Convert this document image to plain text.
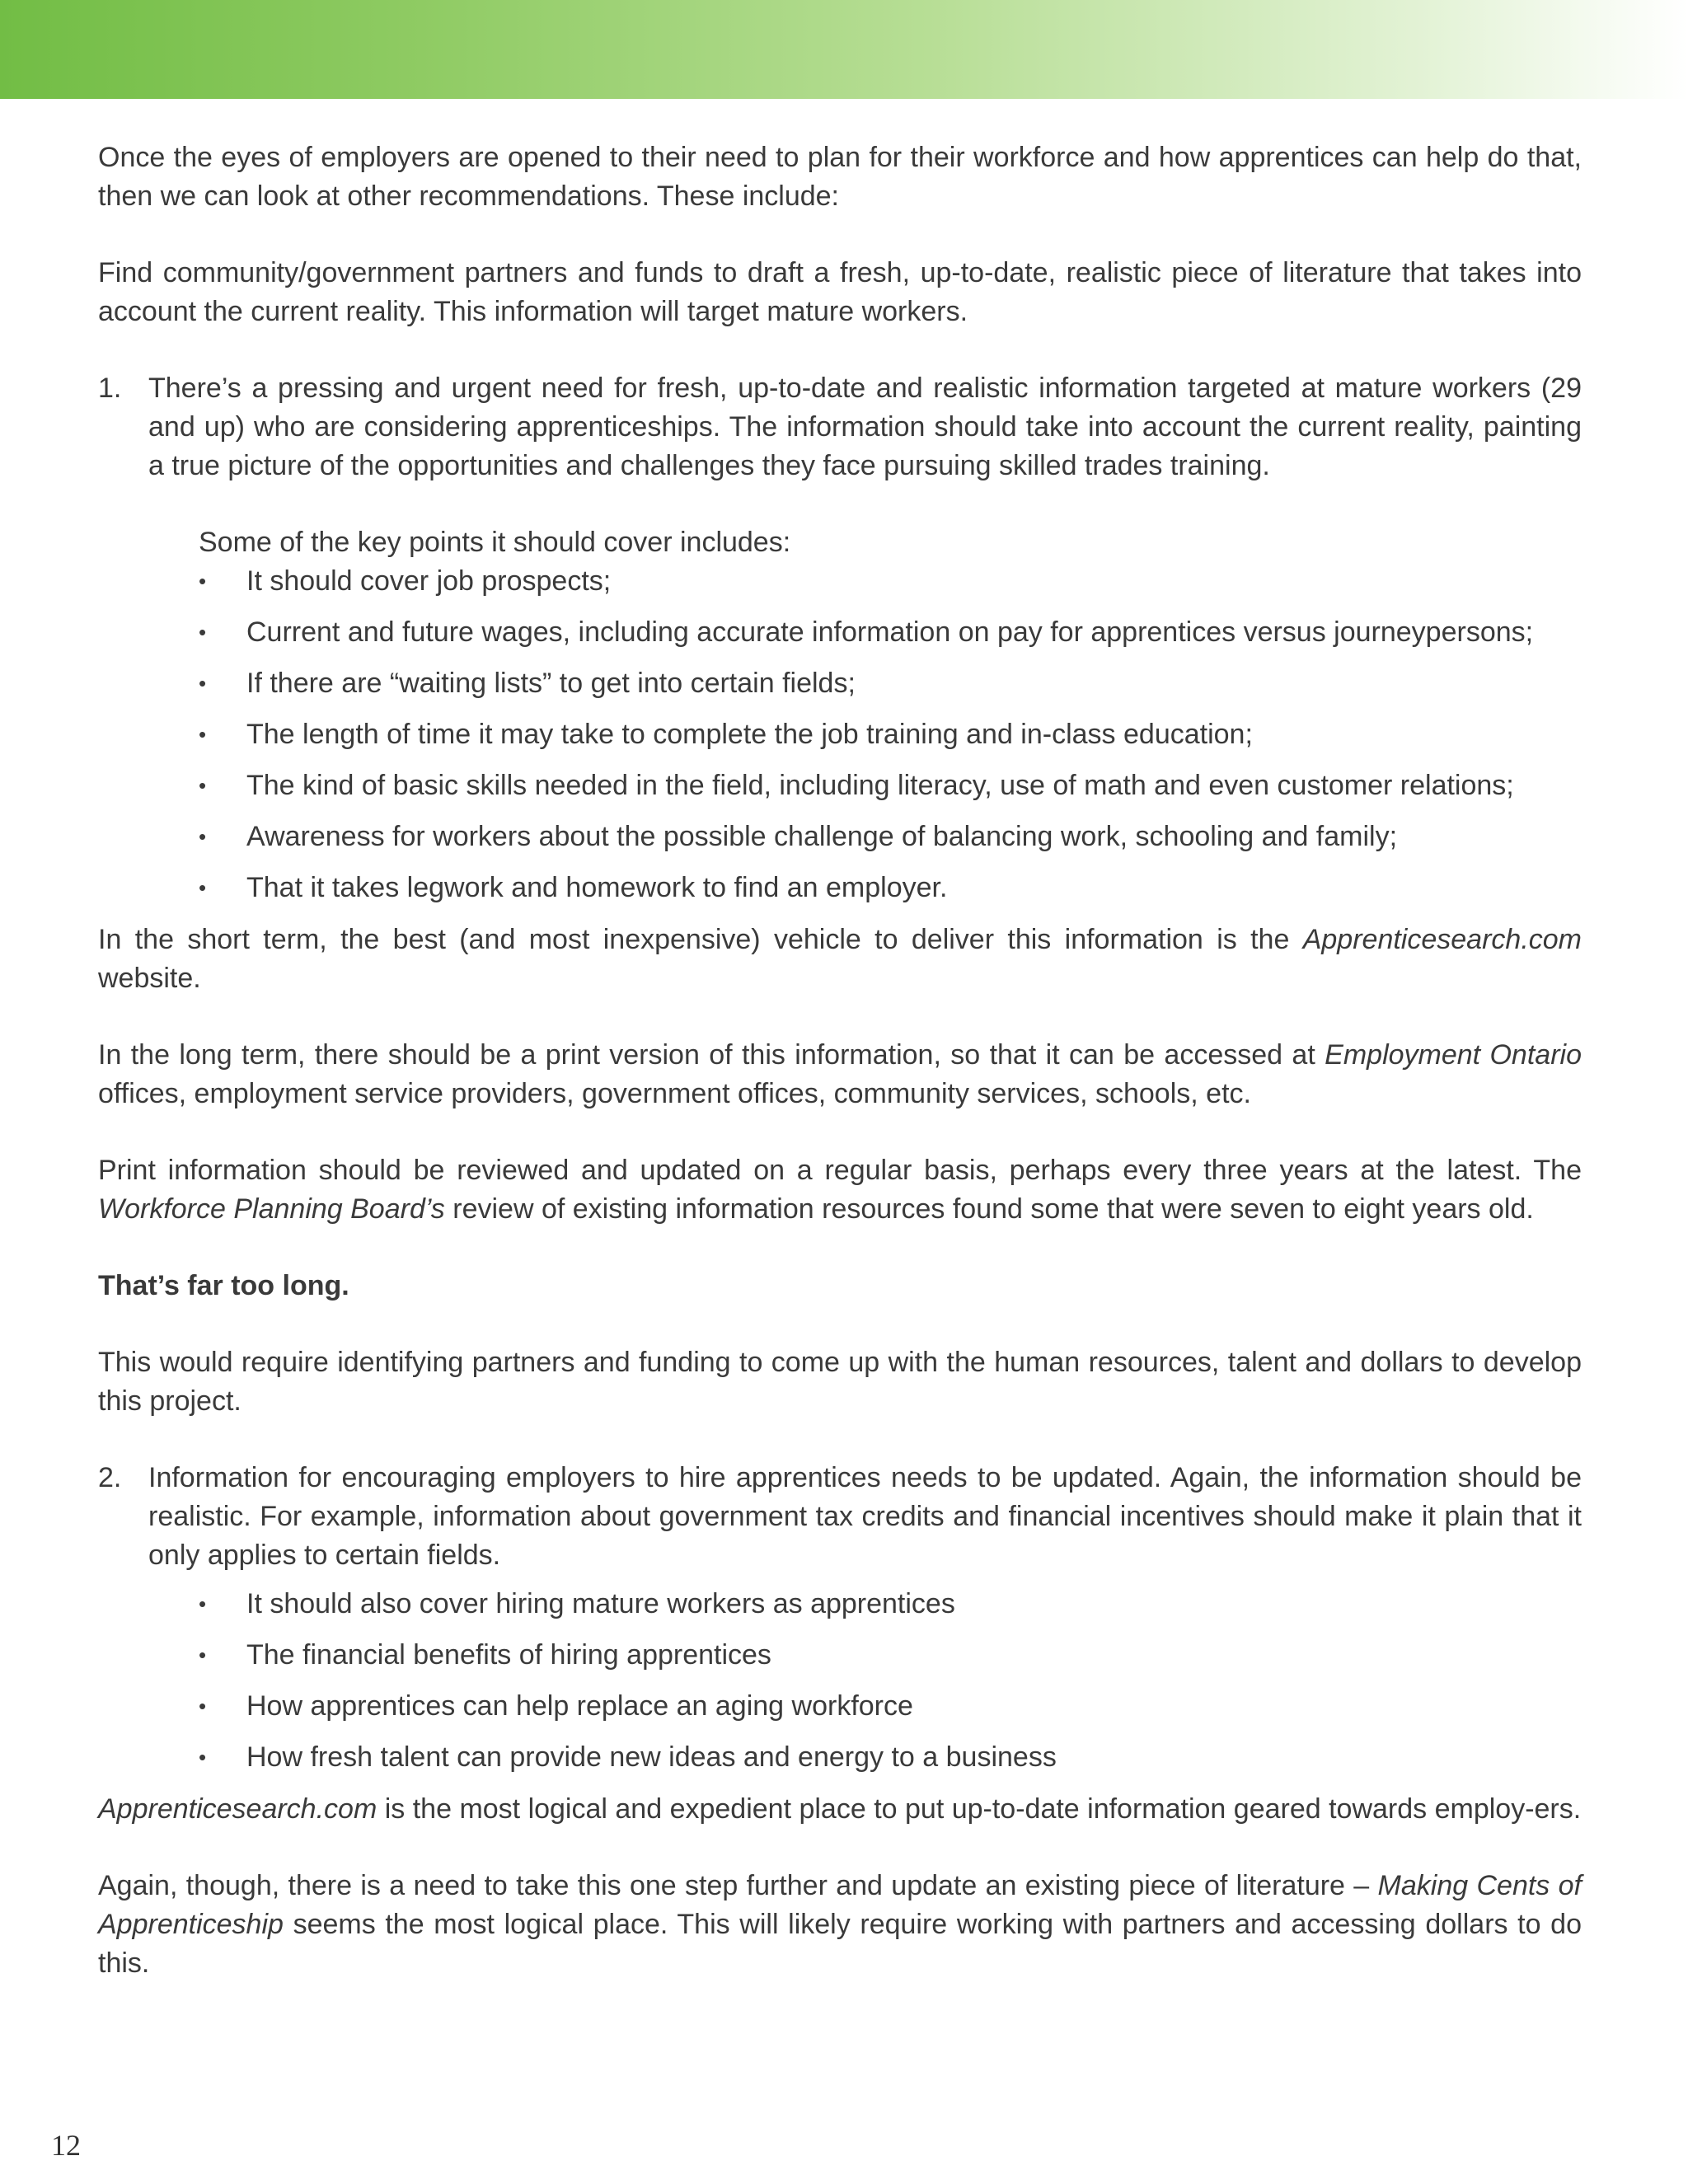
Once the eyes of employers are opened to their need to plan for their workforce and how apprentices can help do that, then we can look at other recommendations. These include:

Find community/government partners and funds to draft a fresh, up-to-date, realistic piece of literature that takes into account the current reality. This information will target mature workers.

1. There’s a pressing and urgent need for fresh, up-to-date and realistic information targeted at mature workers (29 and up) who are considering apprenticeships. The information should take into account the current reality, painting a true picture of the opportunities and challenges they face pursuing skilled trades training.
Some of the key points it should cover includes:
• It should cover job prospects;
• Current and future wages, including accurate information on pay for apprentices versus journeypersons;
• If there are “waiting lists” to get into certain fields;
• The length of time it may take to complete the job training and in-class education;
• The kind of basic skills needed in the field, including literacy, use of math and even customer relations;
• Awareness for workers about the possible challenge of balancing work, schooling and family;
• That it takes legwork and homework to find an employer.

In the short term, the best (and most inexpensive) vehicle to deliver this information is the Apprenticesearch.com website.

In the long term, there should be a print version of this information, so that it can be accessed at Employment Ontario offices, employment service providers, government offices, community services, schools, etc.

Print information should be reviewed and updated on a regular basis, perhaps every three years at the latest. The Workforce Planning Board’s review of existing information resources found some that were seven to eight years old.

That’s far too long.

This would require identifying partners and funding to come up with the human resources, talent and dollars to develop this project.

2. Information for encouraging employers to hire apprentices needs to be updated. Again, the information should be realistic. For example, information about government tax credits and financial incentives should make it plain that it only applies to certain fields.
• It should also cover hiring mature workers as apprentices
• The financial benefits of hiring apprentices
• How apprentices can help replace an aging workforce
• How fresh talent can provide new ideas and energy to a business

Apprenticesearch.com is the most logical and expedient place to put up-to-date information geared towards employ-ers.

Again, though, there is a need to take this one step further and update an existing piece of literature – Making Cents of Apprenticeship seems the most logical place. This will likely require working with partners and accessing dollars to do this.

12
